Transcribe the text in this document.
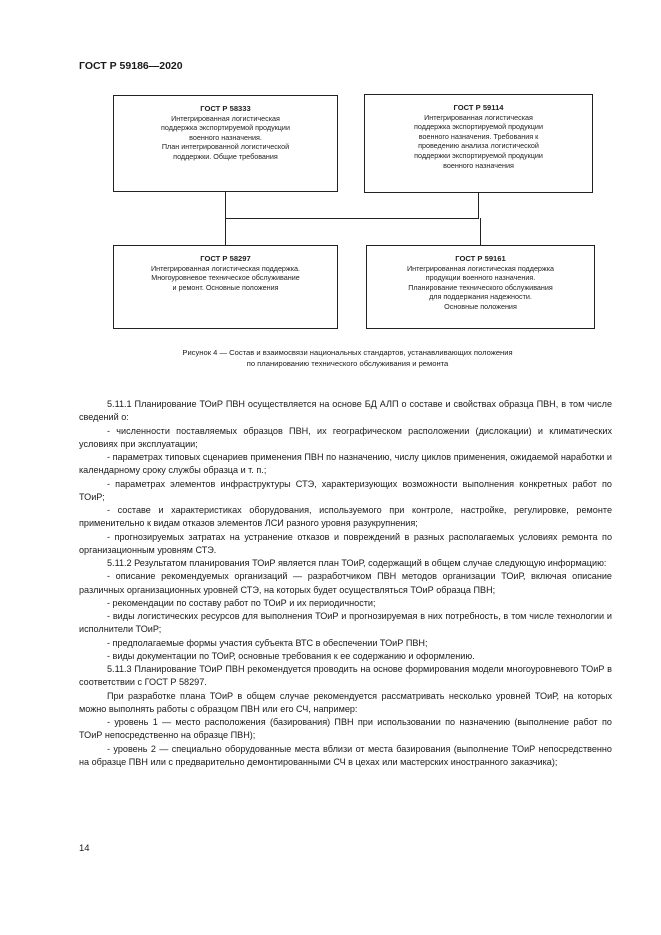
ГОСТ Р 59186—2020
ГОСТ Р 58333
Интегрированная логистическая
поддержка экспортируемой продукции
военного назначения.
План интегрированной логистической
поддержки. Общие требования
ГОСТ Р 59114
Интегрированная логистическая
поддержка экспортируемой продукции
военного назначения. Требования к
проведению анализа логистической
поддержки экспортируемой продукции
военного назначения
ГОСТ Р 58297
Интегрированная логистическая поддержка.
Многоуровневое техническое обслуживание
и ремонт. Основные положения
ГОСТ Р 59161
Интегрированная логистическая поддержка
продукции военного назначения.
Планирование технического обслуживания
для поддержания надежности.
Основные положения
Рисунок 4 — Состав и взаимосвязи национальных стандартов, устанавливающих положения
по планированию технического обслуживания и ремонта

5.11.1 Планирование ТОиР ПВН осуществляется на основе БД АЛП о составе и свойствах образца ПВН, в том числе сведений о:

- численности поставляемых образцов ПВН, их географическом расположении (дислокации) и климатических условиях при эксплуатации;

- параметрах типовых сценариев применения ПВН по назначению, числу циклов применения, ожидаемой наработки и календарному сроку службы образца и т. п.;

- параметрах элементов инфраструктуры СТЭ, характеризующих возможности выполнения конкретных работ по ТОиР;

- составе и характеристиках оборудования, используемого при контроле, настройке, регулировке, ремонте применительно к видам отказов элементов ЛСИ разного уровня разукрупнения;

- прогнозируемых затратах на устранение отказов и повреждений в разных располагаемых условиях ремонта по организационным уровням СТЭ.

5.11.2 Результатом планирования ТОиР является план ТОиР, содержащий в общем случае следующую информацию:

- описание рекомендуемых организаций — разработчиком ПВН методов организации ТОиР, включая описание различных организационных уровней СТЭ, на которых будет осуществляться ТОиР образца ПВН;

- рекомендации по составу работ по ТОиР и их периодичности;

- виды логистических ресурсов для выполнения ТОиР и прогнозируемая в них потребность, в том числе технологии и исполнители ТОиР;

- предполагаемые формы участия субъекта ВТС в обеспечении ТОиР ПВН;

- виды документации по ТОиР, основные требования к ее содержанию и оформлению.

5.11.3 Планирование ТОиР ПВН рекомендуется проводить на основе формирования модели многоуровневого ТОиР в соответствии с ГОСТ Р 58297.

При разработке плана ТОиР в общем случае рекомендуется рассматривать несколько уровней ТОиР, на которых можно выполнять работы с образцом ПВН или его СЧ, например:

- уровень 1 — место расположения (базирования) ПВН при использовании по назначению (выполнение работ по ТОиР непосредственно на образце ПВН);

- уровень 2 — специально оборудованные места вблизи от места базирования (выполнение ТОиР непосредственно на образце ПВН или с предварительно демонтированными СЧ в цехах или мастерских иностранного заказчика);

14
